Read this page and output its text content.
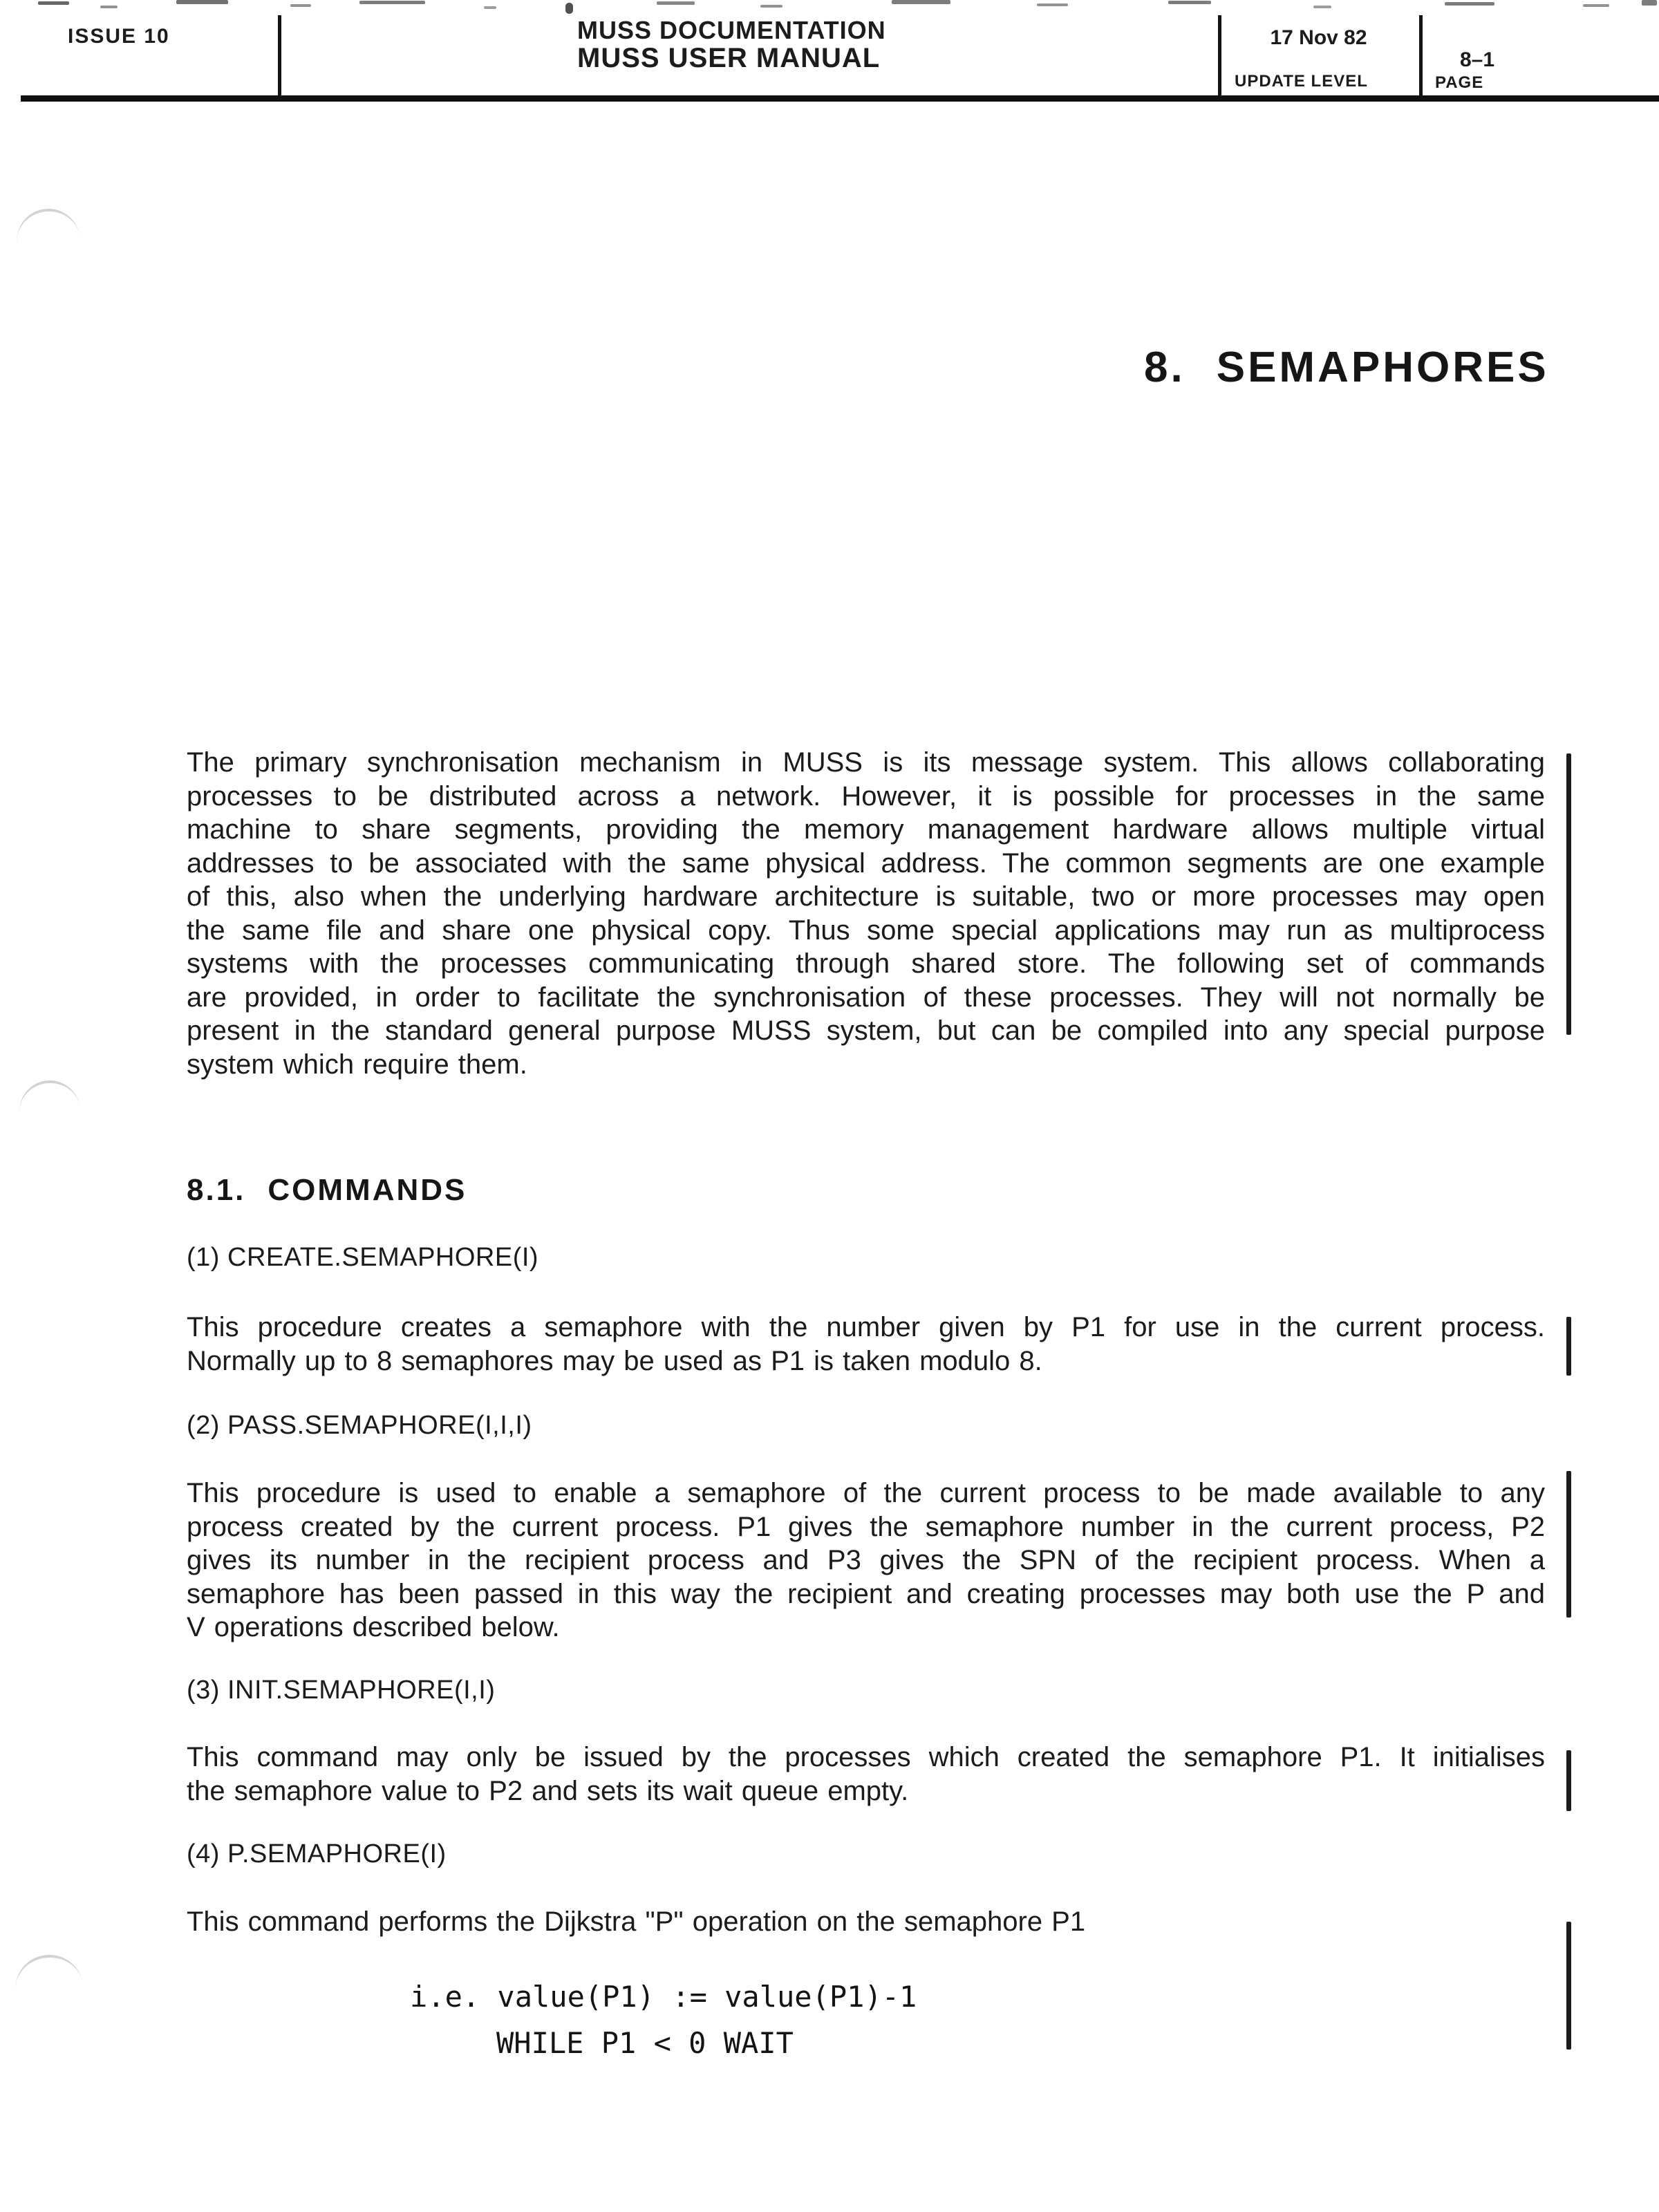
ISSUE 10	MUSS DOCUMENTATION
MUSS USER MANUAL
17 Nov 82
UPDATE LEVEL
8–1
PAGE
8. SEMAPHORES
The primary synchronisation mechanism in MUSS is its message system. This allows collaborating
processes to be distributed across a network. However, it is possible for processes in the same
machine to share segments, providing the memory management hardware allows multiple virtual
addresses to be associated with the same physical address. The common segments are one example
of this, also when the underlying hardware architecture is suitable, two or more processes may open
the same file and share one physical copy. Thus some special applications may run as multiprocess
systems with the processes communicating through shared store. The following set of commands
are provided, in order to facilitate the synchronisation of these processes. They will not normally be
present in the standard general purpose MUSS system, but can be compiled into any special purpose
system which require them.
8.1. COMMANDS
(1) CREATE.SEMAPHORE(I)
This procedure creates a semaphore with the number given by P1 for use in the current process.
Normally up to 8 semaphores may be used as P1 is taken modulo 8.
(2) PASS.SEMAPHORE(I,I,I)
This procedure is used to enable a semaphore of the current process to be made available to any
process created by the current process. P1 gives the semaphore number in the current process, P2
gives its number in the recipient process and P3 gives the SPN of the recipient process. When a
semaphore has been passed in this way the recipient and creating processes may both use the P and
V operations described below.
(3) INIT.SEMAPHORE(I,I)
This command may only be issued by the processes which created the semaphore P1. It initialises
the semaphore value to P2 and sets its wait queue empty.
(4) P.SEMAPHORE(I)
This command performs the Dijkstra "P" operation on the semaphore P1
i.e. value(P1) := value(P1)-1
WHILE P1 < 0 WAIT
